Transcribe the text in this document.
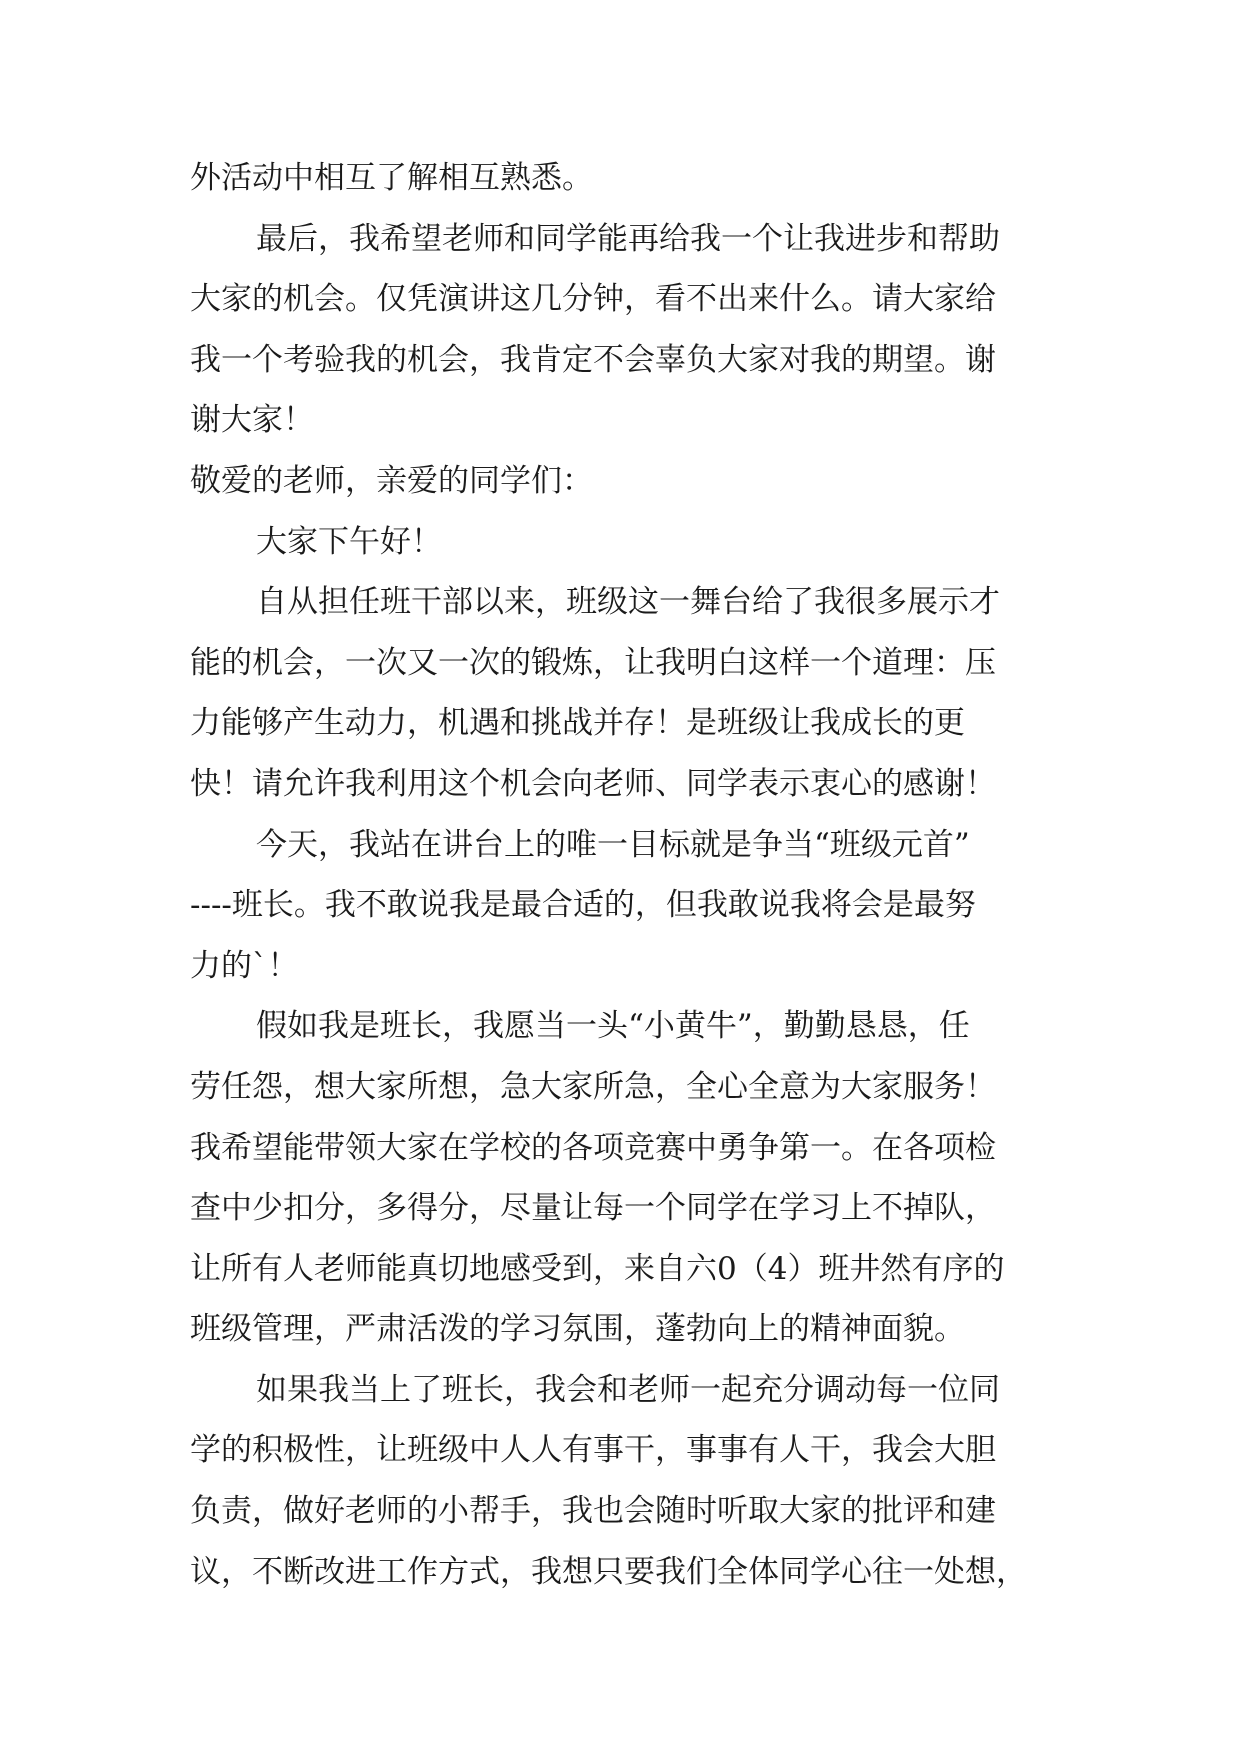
外活动中相互了解相互熟悉。
最后，我希望老师和同学能再给我一个让我进步和帮助
大家的机会。仅凭演讲这几分钟，看不出来什么。请大家给
我一个考验我的机会，我肯定不会辜负大家对我的期望。谢
谢大家！
敬爱的老师，亲爱的同学们：
大家下午好！
自从担任班干部以来，班级这一舞台给了我很多展示才
能的机会，一次又一次的锻炼，让我明白这样一个道理：压
力能够产生动力，机遇和挑战并存！是班级让我成长的更
快！请允许我利用这个机会向老师、同学表示衷心的感谢！
今天，我站在讲台上的唯一目标就是争当“班级元首”
----班长。我不敢说我是最合适的，但我敢说我将会是最努
力的`！
假如我是班长，我愿当一头“小黄牛”，勤勤恳恳，任
劳任怨，想大家所想，急大家所急，全心全意为大家服务！
我希望能带领大家在学校的各项竞赛中勇争第一。在各项检
查中少扣分，多得分，尽量让每一个同学在学习上不掉队，
让所有人老师能真切地感受到，来自六0（4）班井然有序的
班级管理，严肃活泼的学习氛围，蓬勃向上的精神面貌。
如果我当上了班长，我会和老师一起充分调动每一位同
学的积极性，让班级中人人有事干，事事有人干，我会大胆
负责，做好老师的小帮手，我也会随时听取大家的批评和建
议，不断改进工作方式，我想只要我们全体同学心往一处想，
